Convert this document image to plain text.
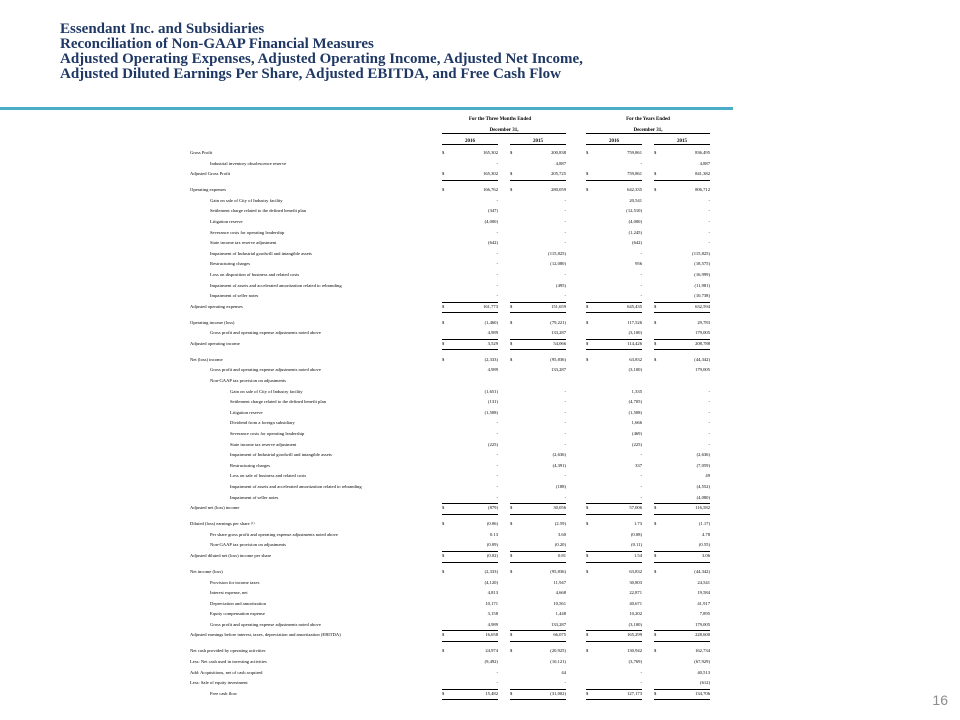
Essendant Inc. and Subsidiaries
Reconciliation of Non-GAAP Financial Measures
Adjusted Operating Expenses, Adjusted Operating Income, Adjusted Net Income,
Adjusted Diluted Earnings Per Share, Adjusted EBITDA, and Free Cash Flow
For the Three Months Ended	For the Years Ended
December 31,	December 31,
2016	2015	2016	2015
Gross Profit	$	165,302	$	200,838	$	759,861	$	836,495
Industrial inventory obsolescence reserve	-	4,887	-	4,887
Adjusted Gross Profit	$	165,302	$	205,725	$	759,861	$	841,382
Operating expenses	$	166,762	$	280,059	$	642,335	$	806,712
Gain on sale of City of Industry facility	-	-	20,541	-
Settlement charge related to the defined benefit plan	(347)	-	(12,510)	-
Litigation reserve	(4,000)	-	(4,000)	-
Severance costs for operating leadership	-	-	(1,245)	-
State income tax reserve adjustment	(642)	-	(642)	-
Impairment of Industrial goodwill and intangible assets	-	(115,825)	-	(115,825)
Restructuring charges	-	(12,080)	956	(18,575)
Loss on disposition of business and related costs	-	-	-	(16,999)
Impairment of assets and accelerated amortization related to rebranding	-	(495)	-	(11,981)
Impairment of seller notes	-	-	-	(10,738)
Adjusted operating expenses	$	161,773	$	151,659	$	645,435	$	632,594
Operating income (loss)	$	(1,460)	$	(79,221)	$	117,526	$	29,783
Gross profit and operating expense adjustments noted above	4,989	133,287	(3,100)	179,005
Adjusted operating income	$	3,529	$	54,066	$	114,426	$	208,788
Net (loss) income	$	(2,333)	$	(95,836)	$	63,832	$	(44,342)
Gross profit and operating expense adjustments noted above	4,989	133,287	(3,100)	179,005
Non-GAAP tax provision on adjustments
Gain on sale of City of Industry facility	(1,651)	-	1,335	-
Settlement charge related to the defined benefit plan	(131)	-	(4,705)	-
Litigation reserve	(1,508)	-	(1,508)	-
Dividend from a foreign subsidiary	-	-	1,666	-
Severance costs for operating leadership	-	-	(469)	-
State income tax reserve adjustment	(225)	-	(225)	-
Impairment of Industrial goodwill and intangible assets	-	(2,636)	-	(2,636)
Restructuring charges	-	(4,391)	337	(7,059)
Loss on sale of business and related costs	-	-	-	49
Impairment of assets and accelerated amortization related to rebranding	-	(188)	-	(4,552)
Impairment of seller notes	-	-	-	(4,080)
Adjusted net (loss) income	$	(879)	$	30,056	$	57,006	$	116,582
Diluted (loss) earnings per share (1)	$	(0.06)	$	(2.59)	$	1.73	$	(1.17)
Per share gross profit and operating expense adjustments noted above	0.13	3.60	(0.08)	4.78
Non-GAAP tax provision on adjustments	(0.09)	(0.20)	(0.11)	(0.55)
Adjusted diluted net (loss) income per share	$	(0.02)	$	0.81	$	1.54	$	3.06
Net income (loss)	$	(2,333)	$	(95,836)	$	63,832	$	(44,342)
Provision for income taxes	(4,120)	11,947	30,803	24,541
Interest expense, net	4,813	4,668	22,871	19,584
Depreciation and amortization	10,171	10,561	40,671	41,917
Equity compensation expense	3,158	1,448	10,202	7,895
Gross profit and operating expense adjustments noted above	4,989	133,287	(3,100)	179,005
Adjusted earnings before interest, taxes, depreciation and amortization (EBITDA)	$	16,658	$	66,075	$	165,299	$	228,600
Net cash provided by operating activities	$	24,974	$	(20,925)	$	130,942	$	162,734
Less: Net cash used in investing activities	(9,492)	(10,121)	(3,769)	(67,929)
Add: Acquisitions, net of cash acquired	-	44	-	40,513
Less: Sale of equity investment	-	-	-	(612)
Free cash flow	$	15,482	$	(31,002)	$	127,173	$	134,706	16
